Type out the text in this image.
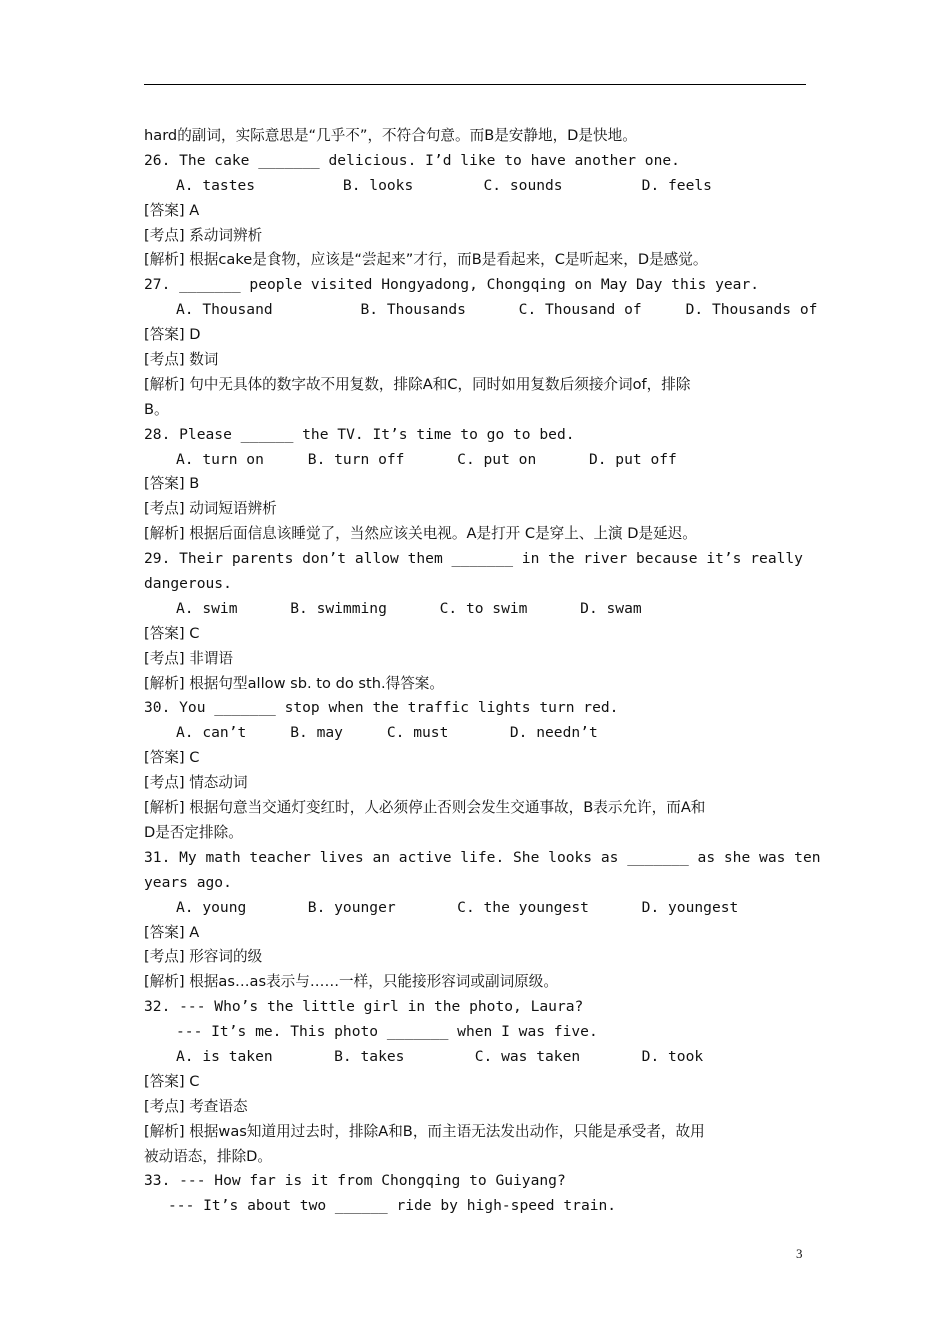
hard的副词，实际意思是“几乎不”，不符合句意。而B是安静地，D是快地。
26. The cake _______ delicious. I’d like to have another one.
A. tastes          B. looks        C. sounds         D. feels
[答案] A
[考点] 系动词辨析
[解析] 根据cake是食物，应该是“尝起来”才行，而B是看起来，C是听起来，D是感觉。
27. _______ people visited Hongyadong, Chongqing on May Day this year.
A. Thousand          B. Thousands      C. Thousand of     D. Thousands of
[答案] D
[考点] 数词
[解析] 句中无具体的数字故不用复数，排除A和C，同时如用复数后须接介词of，排除
B。
28. Please ______ the TV. It’s time to go to bed.
A. turn on     B. turn off      C. put on      D. put off
[答案] B
[考点] 动词短语辨析
[解析] 根据后面信息该睡觉了，当然应该关电视。A是打开 C是穿上、上演 D是延迟。
29. Their parents don’t allow them _______ in the river because it’s really
dangerous.
A. swim      B. swimming      C. to swim      D. swam
[答案] C
[考点] 非谓语
[解析] 根据句型allow sb. to do sth.得答案。
30. You _______ stop when the traffic lights turn red.
A. can’t     B. may     C. must       D. needn’t
[答案] C
[考点] 情态动词
[解析] 根据句意当交通灯变红时，人必须停止否则会发生交通事故，B表示允许，而A和
D是否定排除。
31. My math teacher lives an active life. She looks as _______ as she was ten
years ago.
A. young       B. younger       C. the youngest      D. youngest
[答案] A
[考点] 形容词的级
[解析] 根据as…as表示与……一样，只能接形容词或副词原级。
32. --- Who’s the little girl in the photo, Laura?
--- It’s me. This photo _______ when I was five.
A. is taken       B. takes        C. was taken       D. took
[答案] C
[考点] 考查语态
[解析] 根据was知道用过去时，排除A和B，而主语无法发出动作，只能是承受者，故用
被动语态，排除D。
33. --- How far is it from Chongqing to Guiyang?
--- It’s about two ______ ride by high-speed train.
3
